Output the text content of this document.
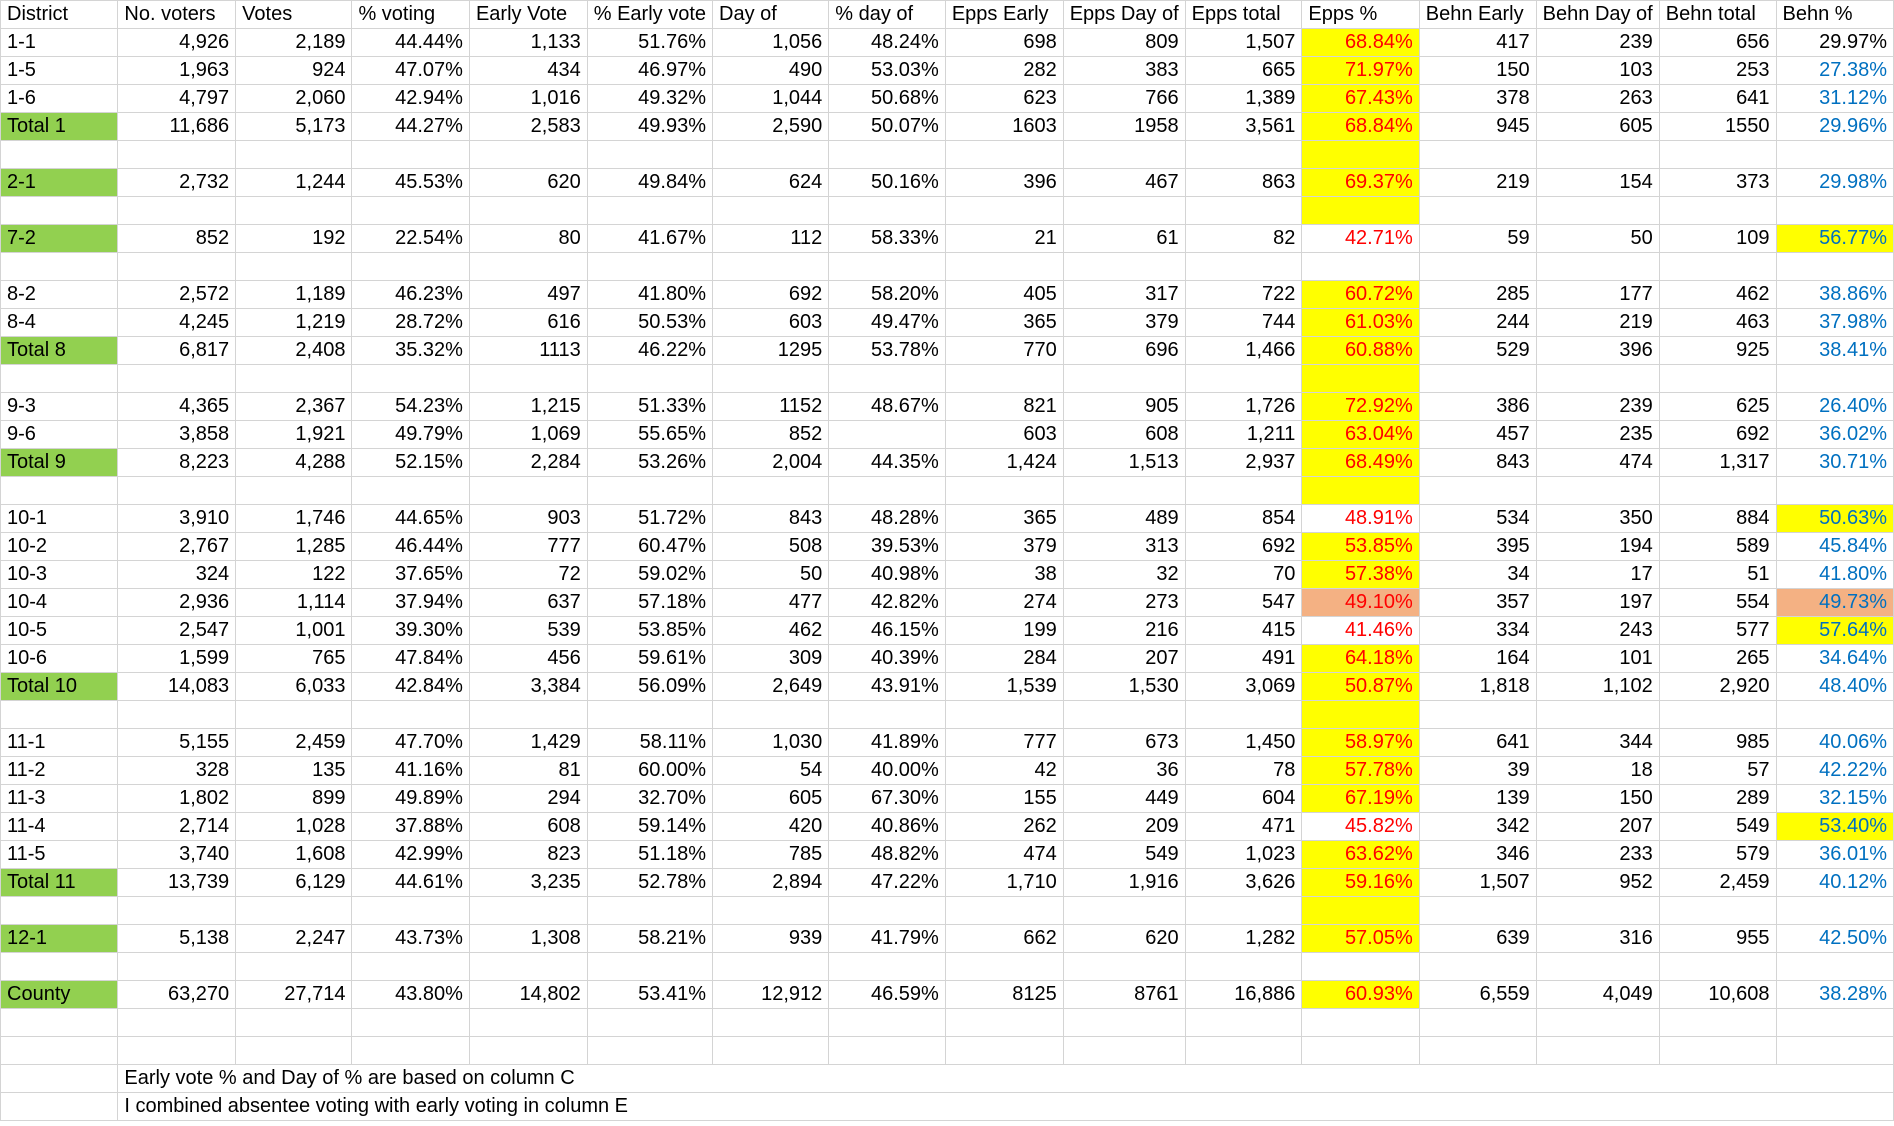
District	No. voters	Votes	% voting	Early Vote	% Early vote	Day of	% day of	Epps Early	Epps Day of	Epps total	Epps %	Behn Early	Behn Day of	Behn total	Behn %
1-1	4,926	2,189	44.44%	1,133	51.76%	1,056	48.24%	698	809	1,507	68.84%	417	239	656	29.97%
1-5	1,963	924	47.07%	434	46.97%	490	53.03%	282	383	665	71.97%	150	103	253	27.38%
1-6	4,797	2,060	42.94%	1,016	49.32%	1,044	50.68%	623	766	1,389	67.43%	378	263	641	31.12%
Total 1	11,686	5,173	44.27%	2,583	49.93%	2,590	50.07%	1603	1958	3,561	68.84%	945	605	1550	29.96%

2-1	2,732	1,244	45.53%	620	49.84%	624	50.16%	396	467	863	69.37%	219	154	373	29.98%

7-2	852	192	22.54%	80	41.67%	112	58.33%	21	61	82	42.71%	59	50	109	56.77%

8-2	2,572	1,189	46.23%	497	41.80%	692	58.20%	405	317	722	60.72%	285	177	462	38.86%
8-4	4,245	1,219	28.72%	616	50.53%	603	49.47%	365	379	744	61.03%	244	219	463	37.98%
Total 8	6,817	2,408	35.32%	1113	46.22%	1295	53.78%	770	696	1,466	60.88%	529	396	925	38.41%

9-3	4,365	2,367	54.23%	1,215	51.33%	1152	48.67%	821	905	1,726	72.92%	386	239	625	26.40%
9-6	3,858	1,921	49.79%	1,069	55.65%	852		603	608	1,211	63.04%	457	235	692	36.02%
Total 9	8,223	4,288	52.15%	2,284	53.26%	2,004	44.35%	1,424	1,513	2,937	68.49%	843	474	1,317	30.71%

10-1	3,910	1,746	44.65%	903	51.72%	843	48.28%	365	489	854	48.91%	534	350	884	50.63%
10-2	2,767	1,285	46.44%	777	60.47%	508	39.53%	379	313	692	53.85%	395	194	589	45.84%
10-3	324	122	37.65%	72	59.02%	50	40.98%	38	32	70	57.38%	34	17	51	41.80%
10-4	2,936	1,114	37.94%	637	57.18%	477	42.82%	274	273	547	49.10%	357	197	554	49.73%
10-5	2,547	1,001	39.30%	539	53.85%	462	46.15%	199	216	415	41.46%	334	243	577	57.64%
10-6	1,599	765	47.84%	456	59.61%	309	40.39%	284	207	491	64.18%	164	101	265	34.64%
Total 10	14,083	6,033	42.84%	3,384	56.09%	2,649	43.91%	1,539	1,530	3,069	50.87%	1,818	1,102	2,920	48.40%

11-1	5,155	2,459	47.70%	1,429	58.11%	1,030	41.89%	777	673	1,450	58.97%	641	344	985	40.06%
11-2	328	135	41.16%	81	60.00%	54	40.00%	42	36	78	57.78%	39	18	57	42.22%
11-3	1,802	899	49.89%	294	32.70%	605	67.30%	155	449	604	67.19%	139	150	289	32.15%
11-4	2,714	1,028	37.88%	608	59.14%	420	40.86%	262	209	471	45.82%	342	207	549	53.40%
11-5	3,740	1,608	42.99%	823	51.18%	785	48.82%	474	549	1,023	63.62%	346	233	579	36.01%
Total 11	13,739	6,129	44.61%	3,235	52.78%	2,894	47.22%	1,710	1,916	3,626	59.16%	1,507	952	2,459	40.12%

12-1	5,138	2,247	43.73%	1,308	58.21%	939	41.79%	662	620	1,282	57.05%	639	316	955	42.50%

County	63,270	27,714	43.80%	14,802	53.41%	12,912	46.59%	8125	8761	16,886	60.93%	6,559	4,049	10,608	38.28%

	Early vote % and Day of % are based on column C														
	I combined absentee voting with early voting in column E														
